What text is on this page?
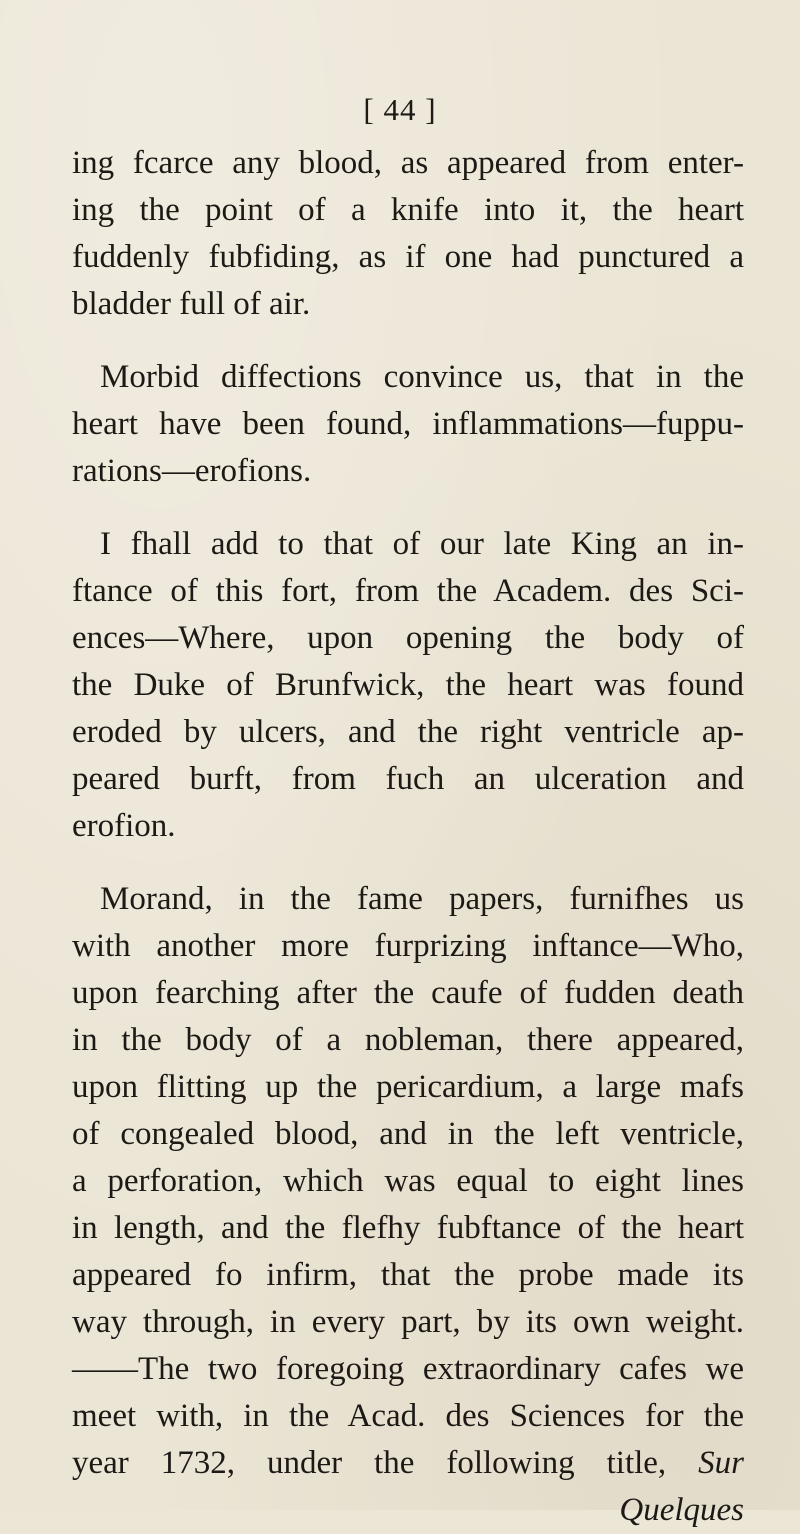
[ 44 ]
ing fcarce any blood, as appeared from enter-
ing the point of a knife into it, the heart
fuddenly fubfiding, as if one had punctured a
bladder full of air.
Morbid diffections convince us, that in the
heart have been found, inflammations—fuppu-
rations—erofions.
I fhall add to that of our late King an in-
ftance of this fort, from the Academ. des Sci-
ences—Where, upon opening the body of
the Duke of Brunfwick, the heart was found
eroded by ulcers, and the right ventricle ap-
peared burft, from fuch an ulceration and
erofion.
Morand, in the fame papers, furnifhes us
with another more furprizing inftance—Who,
upon fearching after the caufe of fudden death
in the body of a nobleman, there appeared,
upon flitting up the pericardium, a large mafs
of congealed blood, and in the left ventricle,
a perforation, which was equal to eight lines
in length, and the flefhy fubftance of the heart
appeared fo infirm, that the probe made its
way through, in every part, by its own weight.
——The two foregoing extraordinary cafes we
meet with, in the Acad. des Sciences for the
year 1732, under the following title, Sur
Quelques
